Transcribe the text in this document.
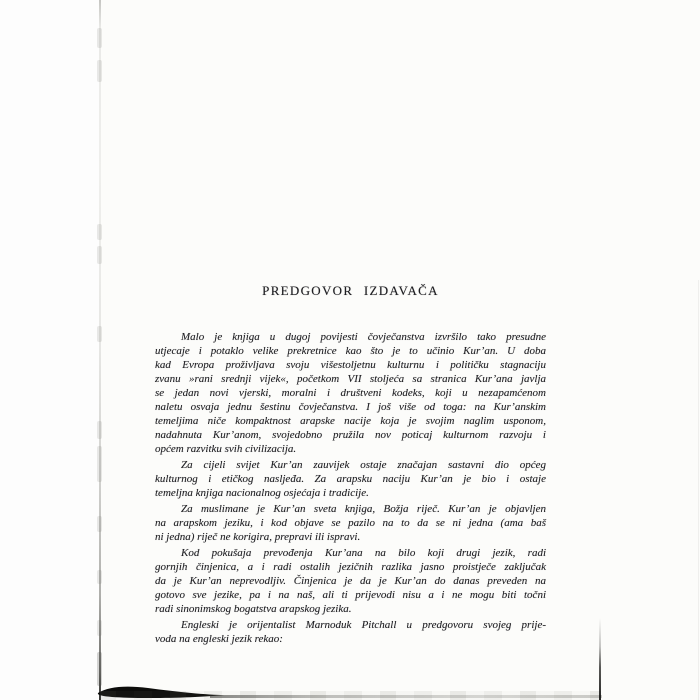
PREDGOVOR IZDAVAČA

Malo je knjiga u dugoj povijesti čovječanstva izvršilo tako presudne
utjecaje i potaklo velike prekretnice kao što je to učinio Kur’an. U doba
kad Evropa proživljava svoju višestoljetnu kulturnu i političku stagnaciju
zvanu »rani srednji vijek«, početkom VII stoljeća sa stranica Kur’ana javlja
se jedan novi vjerski, moralni i društveni kodeks, koji u nezapamćenom
naletu osvaja jednu šestinu čovječanstva. I još više od toga: na Kur’anskim
temeljima niče kompaktnost arapske nacije koja je svojim naglim usponom,
nadahnuta Kur’anom, svojedobno pružila nov poticaj kulturnom razvoju i
općem razvitku svih civilizacija.

Za cijeli svijet Kur’an zauvijek ostaje značajan sastavni dio općeg
kulturnog i etičkog nasljeđa. Za arapsku naciju Kur’an je bio i ostaje
temeljna knjiga nacionalnog osjećaja i tradicije.

Za muslimane je Kur’an sveta knjiga, Božja riječ. Kur’an je objavljen
na arapskom jeziku, i kod objave se pazilo na to da se ni jedna (ama baš
ni jedna) riječ ne korigira, prepravi ili ispravi.

Kod pokušaja prevođenja Kur’ana na bilo koji drugi jezik, radi
gornjih činjenica, a i radi ostalih jezičnih razlika jasno proistječe zaključak
da je Kur’an neprevodljiv. Činjenica je da je Kur’an do danas preveden na
gotovo sve jezike, pa i na naš, ali ti prijevodi nisu a i ne mogu biti točni
radi sinonimskog bogatstva arapskog jezika.

Engleski je orijentalist Marnoduk Pitchall u predgovoru svojeg prije-
voda na engleski jezik rekao:
